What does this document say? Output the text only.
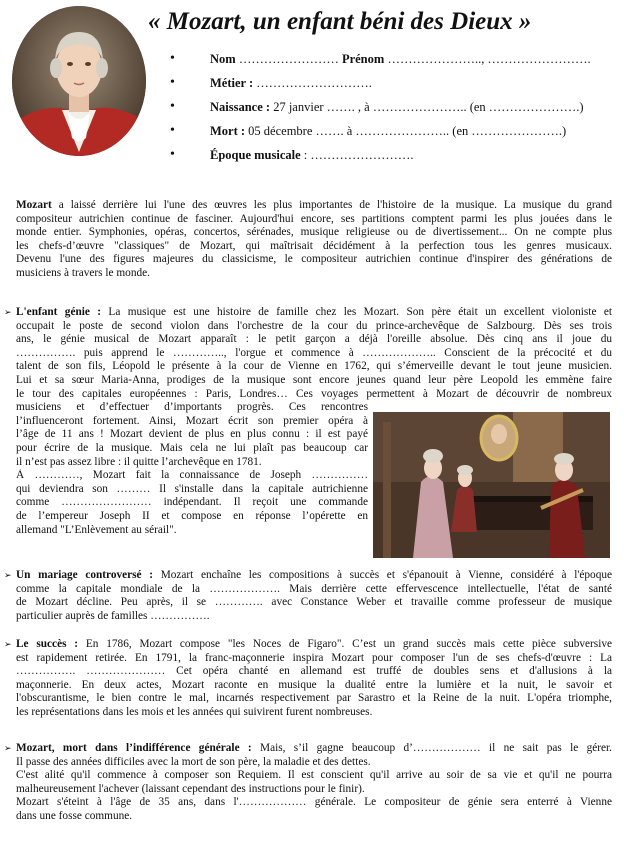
« Mozart, un enfant béni des Dieux »
• Nom …………………… Prénom ………………….., …………………….
• Métier : ……………………….
• Naissance : 27 janvier ……. , à ………………….. (en ………………….)
• Mort : 05 décembre ……. à ………………….. (en ………………….)
• Époque musicale : …………………….
Mozart a laissé derrière lui l'une des œuvres les plus importantes de l'histoire de la musique. La musique du grand
compositeur autrichien continue de fasciner. Aujourd'hui encore, ses partitions comptent parmi les plus jouées dans le
monde entier. Symphonies, opéras, concertos, sérénades, musique religieuse ou de divertissement... On ne compte plus
les chefs-d’œuvre "classiques" de Mozart, qui maîtrisait décidément à la perfection tous les genres musicaux.
Devenu l'une des figures majeures du classicisme, le compositeur autrichien continue d'inspirer des générations de
musiciens à travers le monde.
➢ L'enfant génie : La musique est une histoire de famille chez les Mozart. Son père était un excellent violoniste et
occupait le poste de second violon dans l'orchestre de la cour du prince-archevêque de Salzbourg. Dès ses trois
ans, le génie musical de Mozart apparaît : le petit garçon a déjà l'oreille absolue. Dès cinq ans il joue du
……………. puis apprend le ………….., l'orgue et commence à ……………….. Conscient de la précocité et du
talent de son fils, Léopold le présente à la cour de Vienne en 1762, qui s’émerveille devant le tout jeune musicien.
Lui et sa sœur Maria-Anna, prodiges de la musique sont encore jeunes quand leur père Leopold les emmène faire
le tour des capitales européennes : Paris, Londres… Ces voyages permettent à Mozart de découvrir de nombreux
musiciens et d’effectuer d’importants progrès. Ces rencontres
l’influenceront fortement. Ainsi, Mozart écrit son premier opéra à
l’âge de 11 ans ! Mozart devient de plus en plus connu : il est payé
pour écrire de la musique. Mais cela ne lui plaît pas beaucoup car
il n’est pas assez libre : il quitte l’archevêque en 1781.
À …………, Mozart fait la connaissance de Joseph ……………
qui deviendra son ……… Il s'installe dans la capitale autrichienne
comme …………………… indépendant. Il reçoit une commande
de l’empereur Joseph II et compose en réponse l’opérette en
allemand "L’Enlèvement au sérail".
➢ Un mariage controversé : Mozart enchaîne les compositions à succès et s'épanouit à Vienne, considéré à l'époque
comme la capitale mondiale de la ………………. Mais derrière cette effervescence intellectuelle, l'état de santé
de Mozart décline. Peu après, il se …………. avec Constance Weber et travaille comme professeur de musique
particulier auprès de familles …………….
➢ Le succès : En 1786, Mozart compose "les Noces de Figaro". C’est un grand succès mais cette pièce subversive
est rapidement retirée. En 1791, la franc-maçonnerie inspira Mozart pour composer l'un de ses chefs-d'œuvre : La
……………. ………………… Cet opéra chanté en allemand est truffé de doubles sens et d'allusions à la
maçonnerie. En deux actes, Mozart raconte en musique la dualité entre la lumière et la nuit, le savoir et
l'obscurantisme, le bien contre le mal, incarnés respectivement par Sarastro et la Reine de la nuit. L'opéra triomphe,
les représentations dans les mois et les années qui suivirent furent nombreuses.
➢ Mozart, mort dans l’indifférence générale : Mais, s’il gagne beaucoup d’……………… il ne sait pas le gérer.
Il passe des années difficiles avec la mort de son père, la maladie et des dettes.
C'est alité qu'il commence à composer son Requiem. Il est conscient qu'il arrive au soir de sa vie et qu'il ne pourra
malheureusement l'achever (laissant cependant des instructions pour le finir).
Mozart s'éteint à l'âge de 35 ans, dans l'……………… générale. Le compositeur de génie sera enterré à Vienne
dans une fosse commune.
